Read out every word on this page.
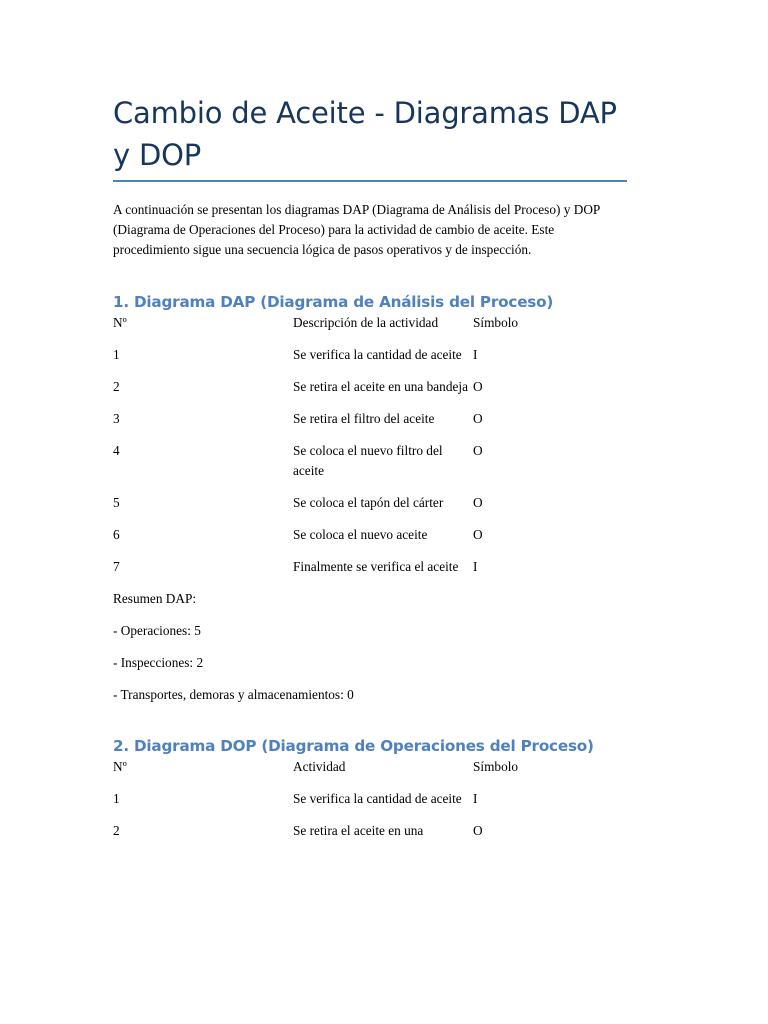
Cambio de Aceite - Diagramas DAP y DOP

A continuación se presentan los diagramas DAP (Diagrama de Análisis del Proceso) y DOP (Diagrama de Operaciones del Proceso) para la actividad de cambio de aceite. Este procedimiento sigue una secuencia lógica de pasos operativos y de inspección.

1. Diagrama DAP (Diagrama de Análisis del Proceso)
Nº	Descripción de la actividad	Símbolo
1	Se verifica la cantidad de aceite	I
2	Se retira el aceite en una bandeja	O
3	Se retira el filtro del aceite	O
4	Se coloca el nuevo filtro del aceite	O
5	Se coloca el tapón del cárter	O
6	Se coloca el nuevo aceite	O
7	Finalmente se verifica el aceite	I

Resumen DAP:

- Operaciones: 5

- Inspecciones: 2

- Transportes, demoras y almacenamientos: 0

2. Diagrama DOP (Diagrama de Operaciones del Proceso)
Nº	Actividad	Símbolo
1	Se verifica la cantidad de aceite	I
2	Se retira el aceite en una	O
